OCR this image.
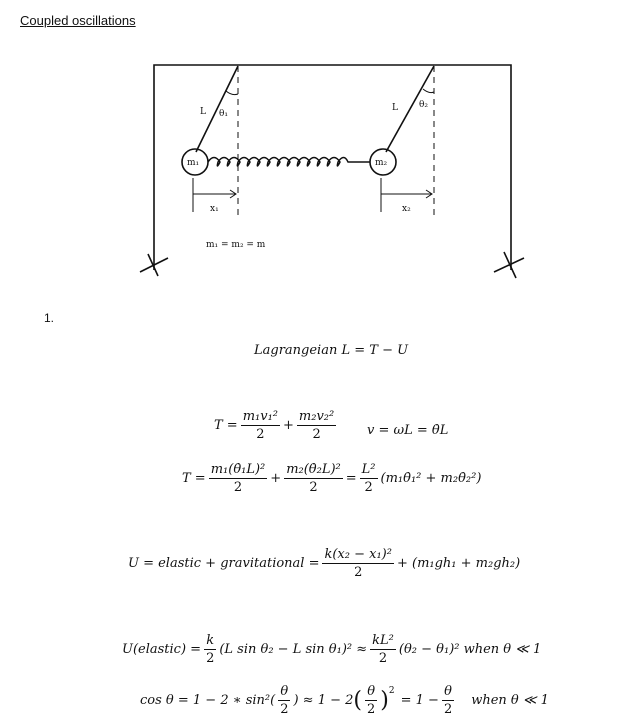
Coupled oscillations
L θ₁
m₁
x₁
L θ₂
m₂
x₂
m₁ = m₂ = m
1.
Lagrangeian L = T − U
$T = \frac{\text{m₁v₁²}}{2} + \frac{\text{m₂v₂²}}{2}$ v = ωL = θ̇L
$T = \frac{\text{m₁(θ̇₁L)²}}{2} + \frac{\text{m₂(θ̇₂L)²}}{2} = \frac{\text{L²}}{2}$ (m₁θ̇₁² + m₂θ̇₂²)
U = elastic + gravitational = $\frac{\text{k(x₂ − x₁)²}}{2} + (m_1gh_1 + m_2gh_2)$
U(elastic) = $\frac{k}{2} (L$ sin θ₂ − L $\sin \theta_1)^2 \approx \frac{\text{kL²}}{2} (\theta_2 - \theta_1)^2$ when θ ≪ 1
cos θ = 1 − 2 ∗ $\sin^2( \frac{\theta}{2}$ ) ≈ 1 − 2 ( $\frac{\theta}{2} )^2$
= $1 - \frac{\theta}{2}$ when θ ≪ 1
